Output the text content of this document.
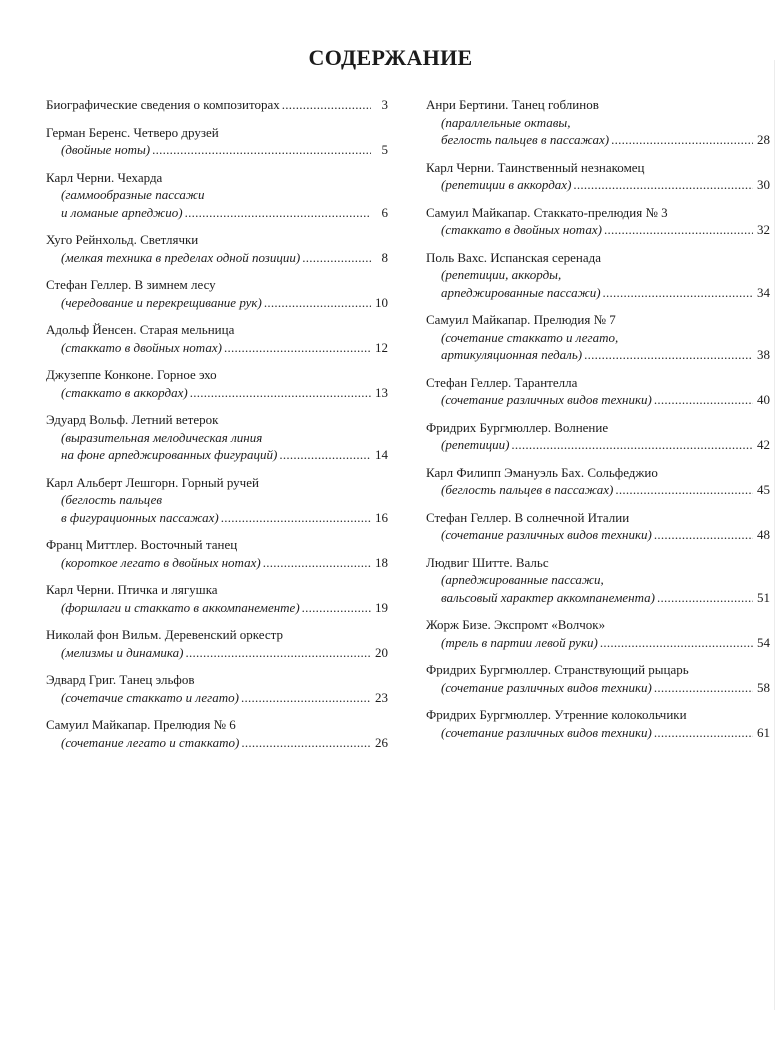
СОДЕРЖАНИЕ
Биографические сведения о композиторах . . .	3
Герман Беренс. Четверо друзей
(двойные ноты) . . .	5
Карл Черни. Чехарда
(гаммообразные пассажи
и ломаные арпеджио) . . .	6
Хуго Рейнхольд. Светлячки
(мелкая техника в пределах одной позиции) . . .	8
Стефан Геллер. В зимнем лесу
(чередование и перекрещивание рук) . . .	10
Адольф Йенсен. Старая мельница
(стаккато в двойных нотах) . . .	12
Джузеппе Конконе. Горное эхо
(стаккато в аккордах) . . .	13
Эдуард Вольф. Летний ветерок
(выразительная мелодическая линия
на фоне арпеджированных фигураций) . . .	14
Карл Альберт Лешгорн. Горный ручей
(беглость пальцев
в фигурационных пассажах) . . .	16
Франц Миттлер. Восточный танец
(короткое легато в двойных нотах) . . .	18
Карл Черни. Птичка и лягушка
(форшлаги и стаккато в аккомпанементе) . . .	19
Николай фон Вильм. Деревенский оркестр
(мелизмы и динамика) . . .	20
Эдвард Григ. Танец эльфов
(сочетачие стаккато и легато) . . .	23
Самуил Майкапар. Прелюдия № 6
(сочетание легато и стаккато) . . .	26
Анри Бертини. Танец гоблинов
(параллельные октавы,
беглость пальцев в пассажах) . . .	28
Карл Черни. Таинственный незнакомец
(репетиции в аккордах) . . .	30
Самуил Майкапар. Стаккато-прелюдия № 3
(стаккато в двойных нотах) . . .	32
Поль Вахс. Испанская серенада
(репетиции, аккорды,
арпеджированные пассажи) . . .	34
Самуил Майкапар. Прелюдия № 7
(сочетание стаккато и легато,
артикуляционная педаль) . . .	38
Стефан Геллер. Тарантелла
(сочетание различных видов техники) . . .	40
Фридрих Бургмюллер. Волнение
(репетиции) . . .	42
Карл Филипп Эмануэль Бах. Сольфеджио
(беглость пальцев в пассажах) . . .	45
Стефан Геллер. В солнечной Италии
(сочетание различных видов техники) . . .	48
Людвиг Шитте. Вальс
(арпеджированные пассажи,
вальсовый характер аккомпанемента) . . .	51
Жорж Бизе. Экспромт «Волчок»
(трель в партии левой руки) . . .	54
Фридрих Бургмюллер. Странствующий рыцарь
(сочетание различных видов техники) . . .	58
Фридрих Бургмюллер. Утренние колокольчики
(сочетание различных видов техники) . . .	61
